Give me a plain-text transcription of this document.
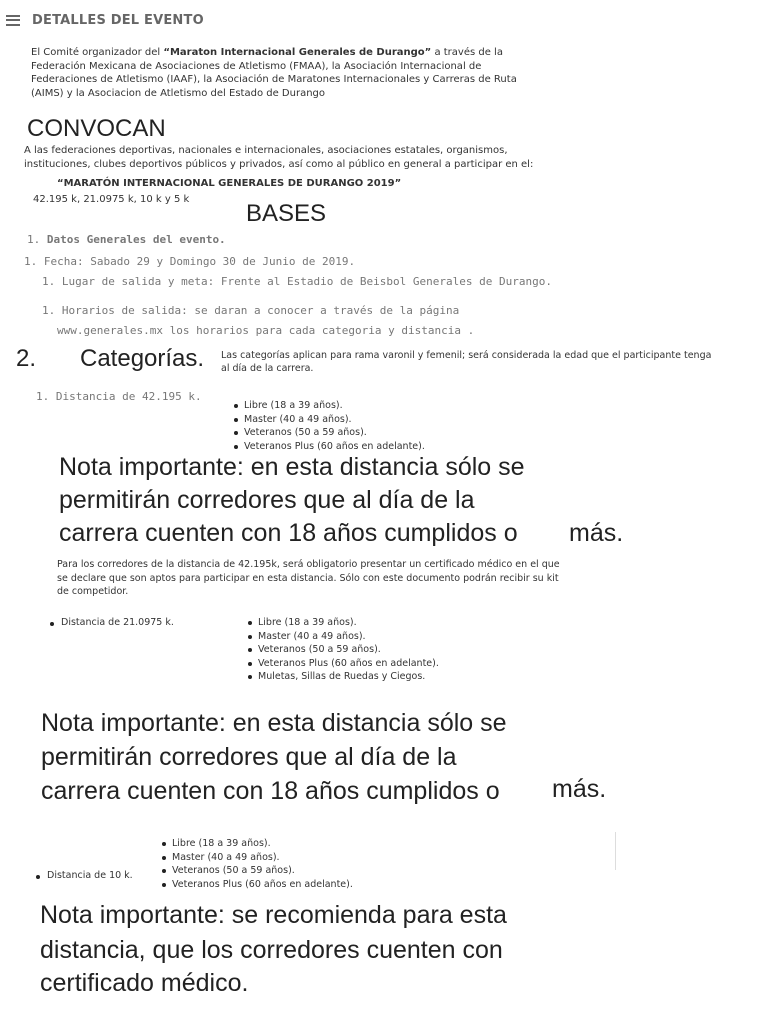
DETALLES DEL EVENTO
El Comité organizador del “Maraton Internacional Generales de Durango” a través de la Federación Mexicana de Asociaciones de Atletismo (FMAA), la Asociación Internacional de Federaciones de Atletismo (IAAF), la Asociación de Maratones Internacionales y Carreras de Ruta (AIMS) y la Asociacion de Atletismo del Estado de Durango
CONVOCAN
A las federaciones deportivas, nacionales e internacionales, asociaciones estatales, organismos, instituciones, clubes deportivos públicos y privados, así como al público en general a participar en el:
“MARATÓN INTERNACIONAL GENERALES DE DURANGO 2019”
42.195 k, 21.0975 k, 10 k y 5 k
BASES
1. Datos Generales del evento.
1. Fecha: Sabado 29 y Domingo 30 de Junio de 2019.
1. Lugar de salida y meta: Frente al Estadio de Beisbol Generales de Durango.
1. Horarios de salida: se daran a conocer a través de la página
www.generales.mx los horarios para cada categoria y distancia .
2. Categorías. Las categorías aplican para rama varonil y femenil; será considerada la edad que el participante tenga al día de la carrera.
1. Distancia de 42.195 k.
Libre (18 a 39 años).
Master (40 a 49 años).
Veteranos (50 a 59 años).
Veteranos Plus (60 años en adelante).
Nota importante: en esta distancia sólo se
permitirán corredores que al día de la
carrera cuenten con 18 años cumplidos o más.
Para los corredores de la distancia de 42.195k, será obligatorio presentar un certificado médico en el que se declare que son aptos para participar en esta distancia. Sólo con este documento podrán recibir su kit de competidor.
Distancia de 21.0975 k.	Libre (18 a 39 años).
Master (40 a 49 años).
Veteranos (50 a 59 años).
Veteranos Plus (60 años en adelante).
Muletas, Sillas de Ruedas y Ciegos.
Nota importante: en esta distancia sólo se
permitirán corredores que al día de la
carrera cuenten con 18 años cumplidos o más.
Distancia de 10 k.
Libre (18 a 39 años).
Master (40 a 49 años).
Veteranos (50 a 59 años).
Veteranos Plus (60 años en adelante).
Nota importante: se recomienda para esta
distancia, que los corredores cuenten con
certificado médico.
